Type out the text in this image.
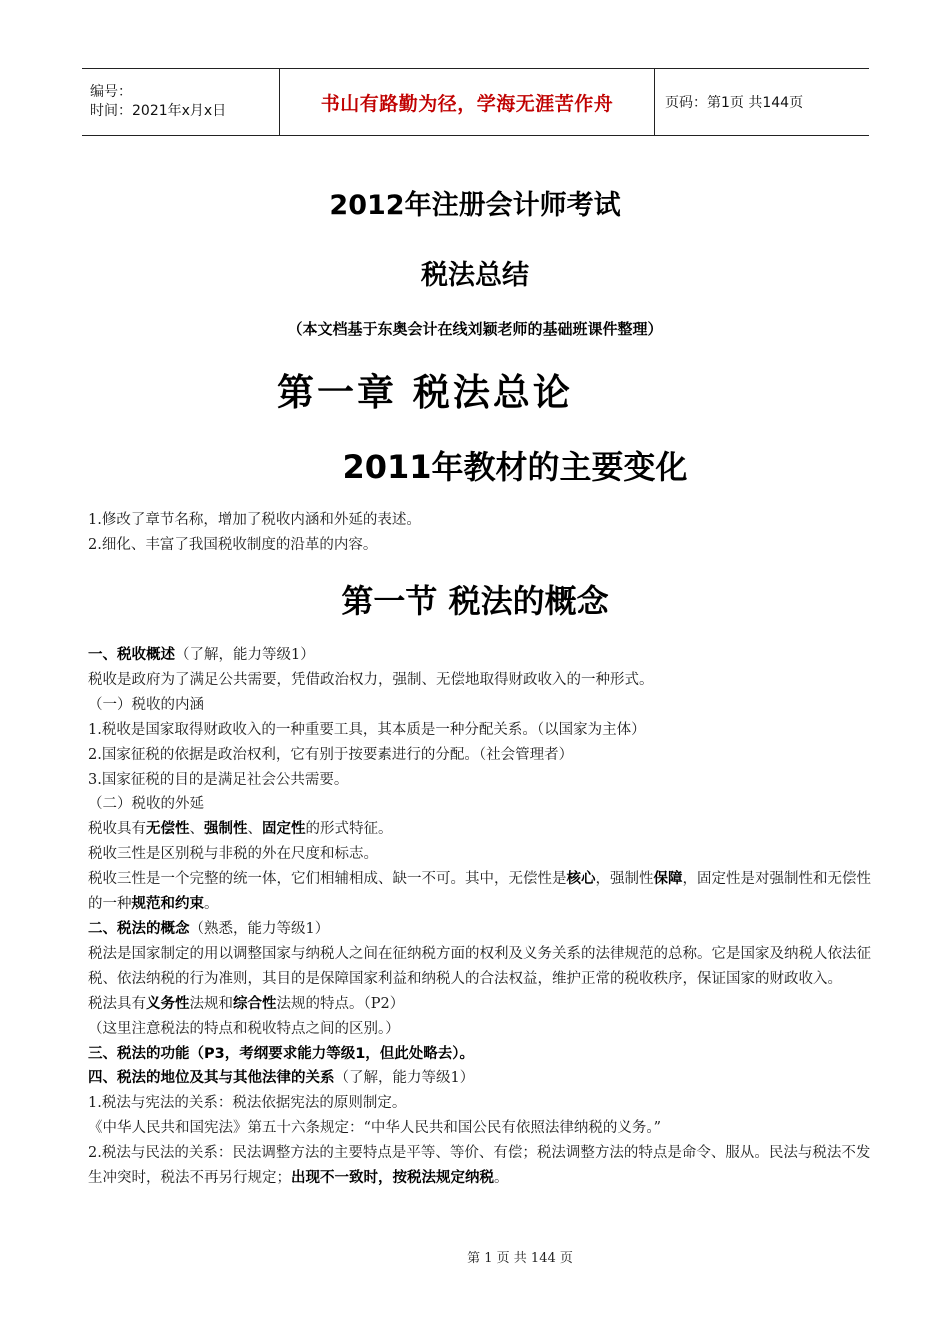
编号：
时间：2021年x月x日	书山有路勤为径，学海无涯苦作舟	页码：第1页 共144页
2012年注册会计师考试
税法总结
（本文档基于东奥会计在线刘颖老师的基础班课件整理）
第一章 税法总论
2011年教材的主要变化

1.修改了章节名称，增加了税收内涵和外延的表述。

2.细化、丰富了我国税收制度的沿革的内容。

第一节 税法的概念

一、税收概述（了解，能力等级1）

税收是政府为了满足公共需要，凭借政治权力，强制、无偿地取得财政收入的一种形式。

（一）税收的内涵

1.税收是国家取得财政收入的一种重要工具，其本质是一种分配关系。（以国家为主体）

2.国家征税的依据是政治权利，它有别于按要素进行的分配。（社会管理者）

3.国家征税的目的是满足社会公共需要。

（二）税收的外延

税收具有无偿性、强制性、固定性的形式特征。

税收三性是区别税与非税的外在尺度和标志。

税收三性是一个完整的统一体，它们相辅相成、缺一不可。其中，无偿性是核心，强制性保障，固定性是对强制性和无偿性的一种规范和约束。

二、税法的概念（熟悉，能力等级1）

税法是国家制定的用以调整国家与纳税人之间在征纳税方面的权利及义务关系的法律规范的总称。它是国家及纳税人依法征税、依法纳税的行为准则，其目的是保障国家利益和纳税人的合法权益，维护正常的税收秩序，保证国家的财政收入。

税法具有义务性法规和综合性法规的特点。（P2）

（这里注意税法的特点和税收特点之间的区别。）

三、税法的功能（P3，考纲要求能力等级1，但此处略去）。

四、税法的地位及其与其他法律的关系（了解，能力等级1）

1.税法与宪法的关系：税法依据宪法的原则制定。

《中华人民共和国宪法》第五十六条规定：“中华人民共和国公民有依照法律纳税的义务。”

2.税法与民法的关系：民法调整方法的主要特点是平等、等价、有偿；税法调整方法的特点是命令、服从。民法与税法不发生冲突时，税法不再另行规定；出现不一致时，按税法规定纳税。

第 1 页 共 144 页
